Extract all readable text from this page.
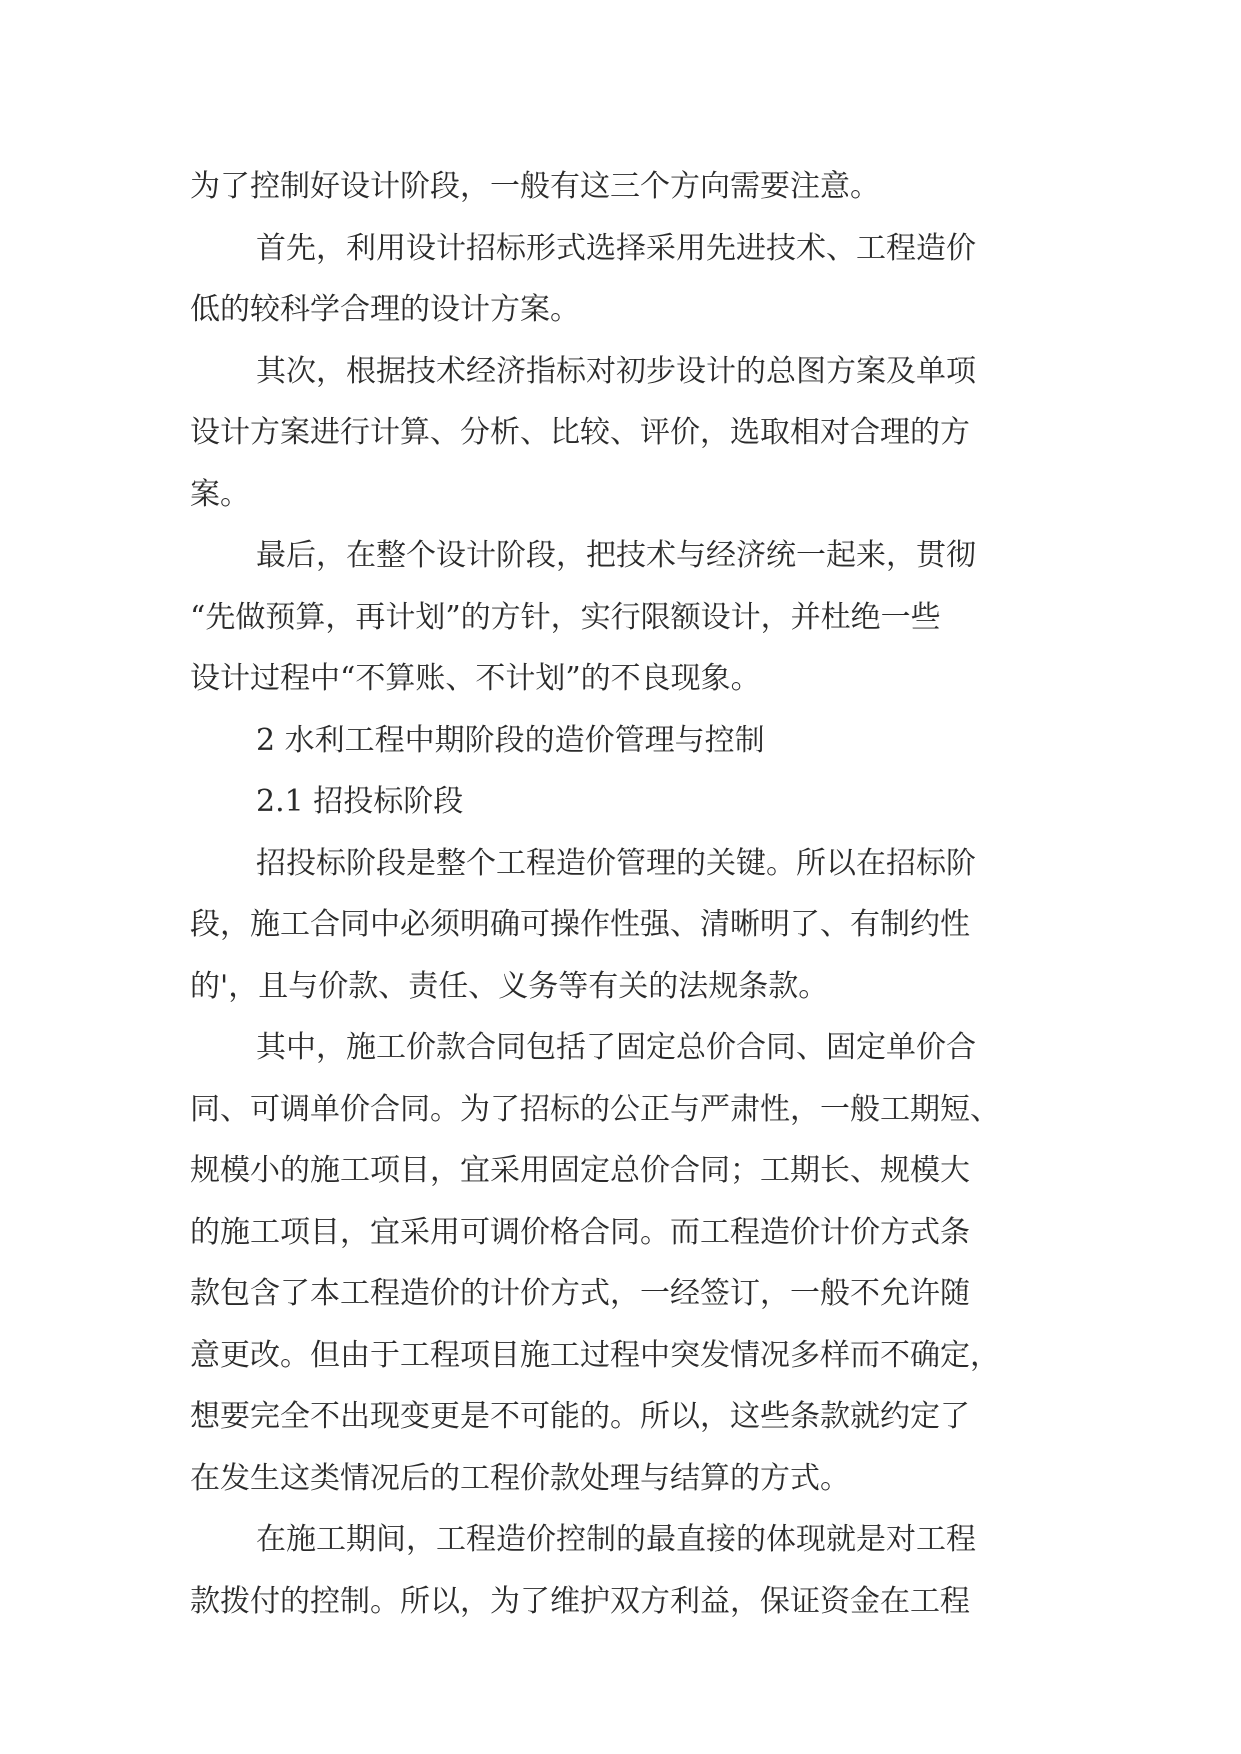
为了控制好设计阶段，一般有这三个方向需要注意。
首先，利用设计招标形式选择采用先进技术、工程造价
低的较科学合理的设计方案。
其次，根据技术经济指标对初步设计的总图方案及单项
设计方案进行计算、分析、比较、评价，选取相对合理的方
案。
最后，在整个设计阶段，把技术与经济统一起来，贯彻
“先做预算，再计划”的方针，实行限额设计，并杜绝一些
设计过程中“不算账、不计划”的不良现象。
2 水利工程中期阶段的造价管理与控制
2.1 招投标阶段
招投标阶段是整个工程造价管理的关键。所以在招标阶
段，施工合同中必须明确可操作性强、清晰明了、有制约性
的'，且与价款、责任、义务等有关的法规条款。
其中，施工价款合同包括了固定总价合同、固定单价合
同、可调单价合同。为了招标的公正与严肃性，一般工期短、
规模小的施工项目，宜采用固定总价合同；工期长、规模大
的施工项目，宜采用可调价格合同。而工程造价计价方式条
款包含了本工程造价的计价方式，一经签订，一般不允许随
意更改。但由于工程项目施工过程中突发情况多样而不确定，
想要完全不出现变更是不可能的。所以，这些条款就约定了
在发生这类情况后的工程价款处理与结算的方式。
在施工期间，工程造价控制的最直接的体现就是对工程
款拨付的控制。所以，为了维护双方利益，保证资金在工程
